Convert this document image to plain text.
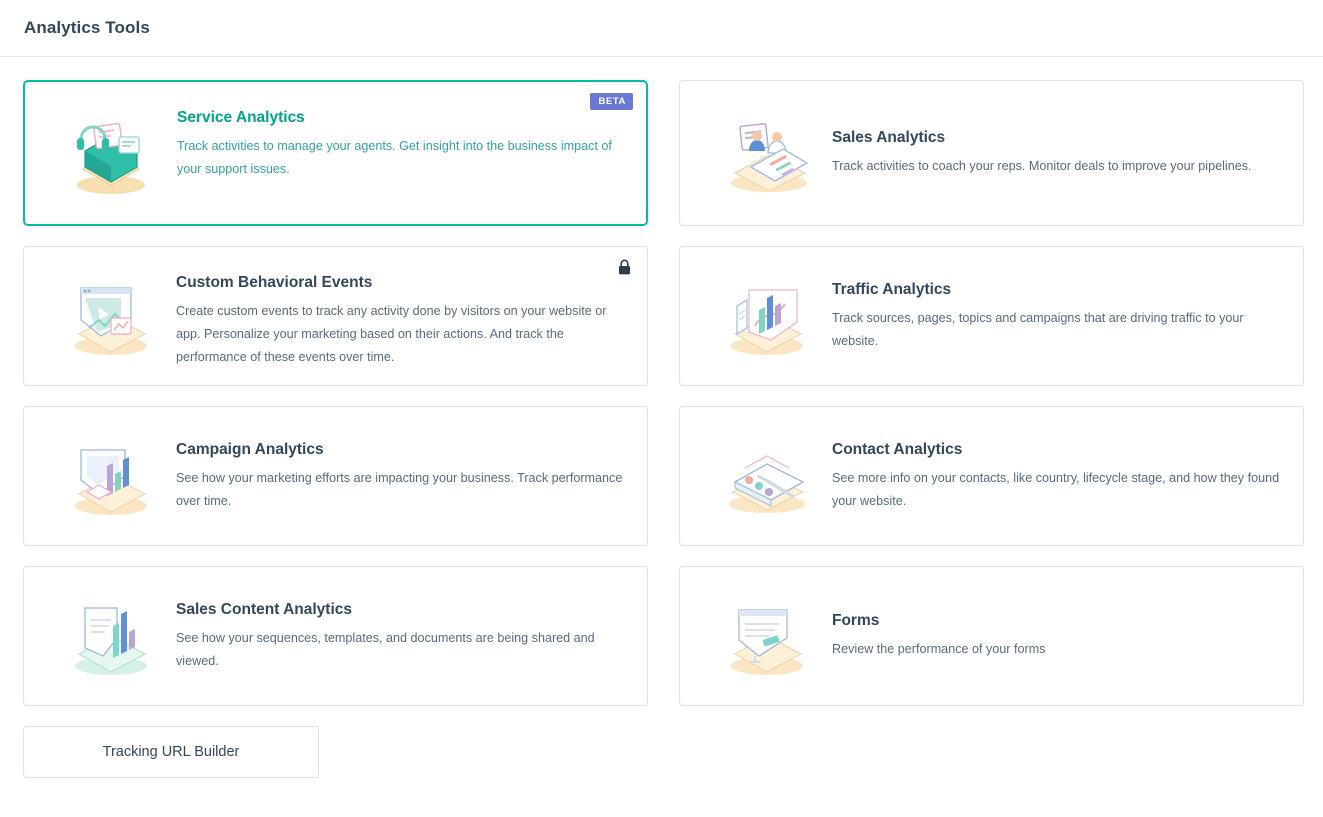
Analytics Tools
BETA
Service Analytics
Track activities to manage your agents. Get insight into the business impact of your support issues.
Sales Analytics
Track activities to coach your reps. Monitor deals to improve your pipelines.
Custom Behavioral Events
Create custom events to track any activity done by visitors on your website or app. Personalize your marketing based on their actions. And track the performance of these events over time.
Traffic Analytics
Track sources, pages, topics and campaigns that are driving traffic to your website.
Campaign Analytics
See how your marketing efforts are impacting your business. Track performance over time.
Contact Analytics
See more info on your contacts, like country, lifecycle stage, and how they found your website.
Sales Content Analytics
See how your sequences, templates, and documents are being shared and viewed.
Forms
Review the performance of your forms
Tracking URL Builder
